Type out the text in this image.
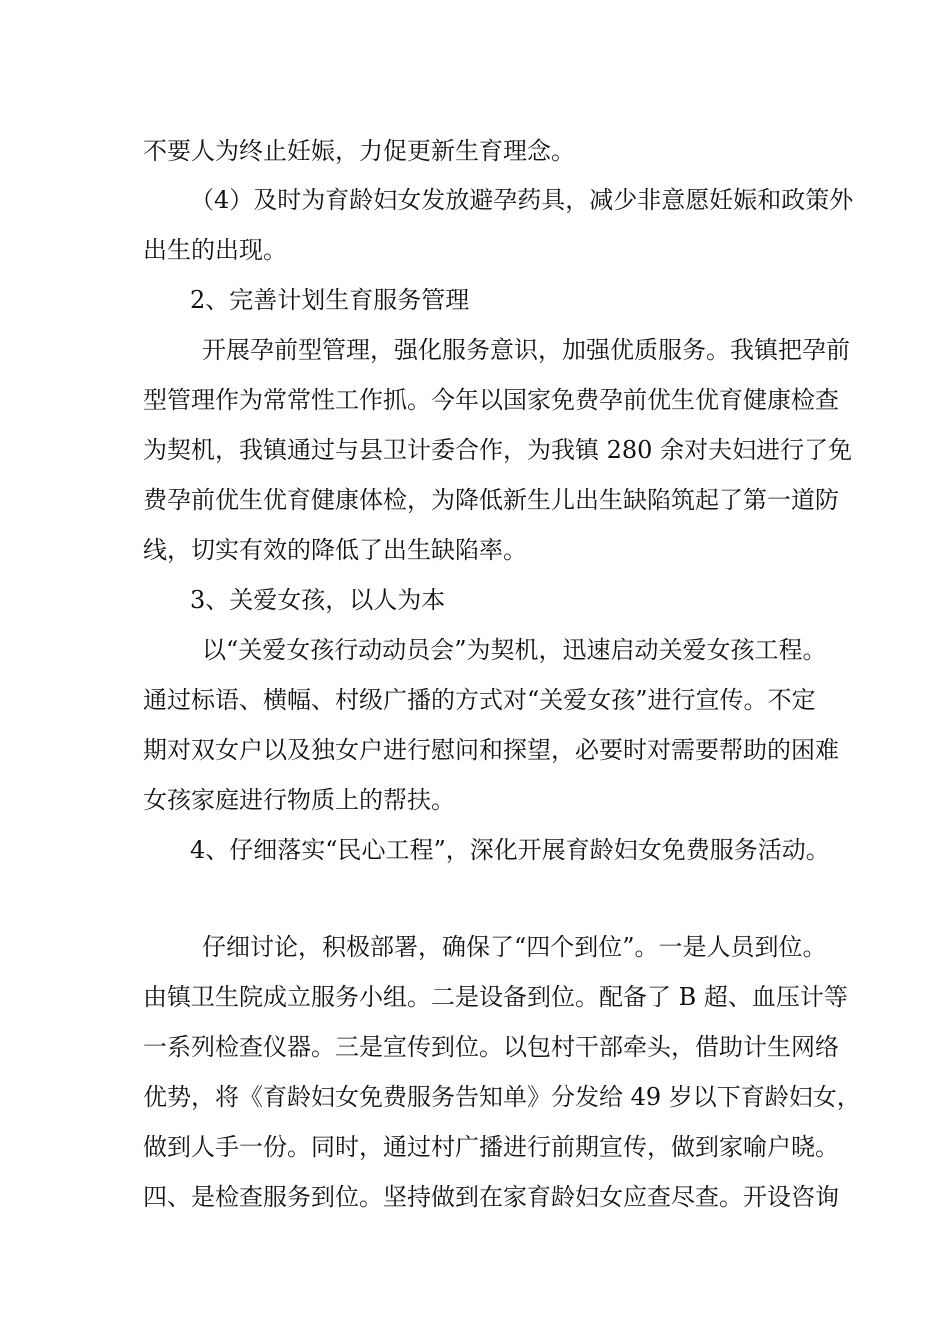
不要人为终止妊娠，力促更新生育理念。
（4）及时为育龄妇女发放避孕药具，减少非意愿妊娠和政策外
出生的出现。
2、完善计划生育服务管理
开展孕前型管理，强化服务意识，加强优质服务。我镇把孕前
型管理作为常常性工作抓。今年以国家免费孕前优生优育健康检查
为契机，我镇通过与县卫计委合作，为我镇 280 余对夫妇进行了免
费孕前优生优育健康体检，为降低新生儿出生缺陷筑起了第一道防
线，切实有效的降低了出生缺陷率。
3、关爱女孩，以人为本
以“关爱女孩行动动员会”为契机，迅速启动关爱女孩工程。
通过标语、横幅、村级广播的方式对“关爱女孩”进行宣传。不定
期对双女户以及独女户进行慰问和探望，必要时对需要帮助的困难
女孩家庭进行物质上的帮扶。
4、仔细落实“民心工程”，深化开展育龄妇女免费服务活动。
仔细讨论，积极部署，确保了“四个到位”。一是人员到位。
由镇卫生院成立服务小组。二是设备到位。配备了 B 超、血压计等
一系列检查仪器。三是宣传到位。以包村干部牵头，借助计生网络
优势，将《育龄妇女免费服务告知单》分发给 49 岁以下育龄妇女，
做到人手一份。同时，通过村广播进行前期宣传，做到家喻户晓。
四、是检查服务到位。坚持做到在家育龄妇女应查尽查。开设咨询
